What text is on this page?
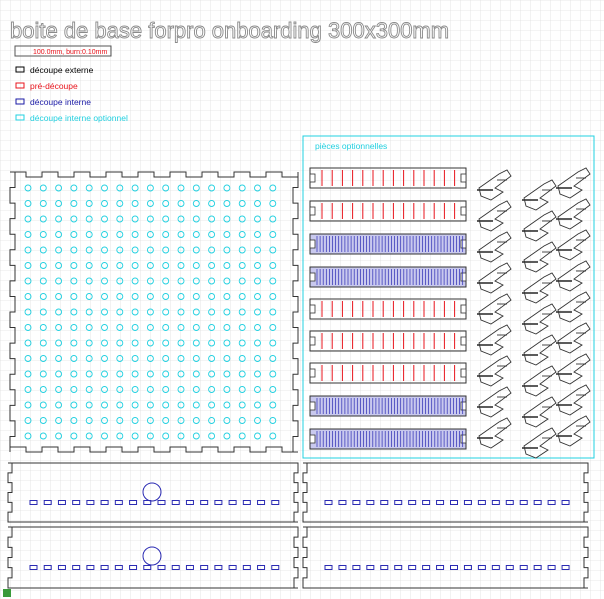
boite de base forpro onboarding 300x300mm
100.0mm, burn:0.10mm
découpe externe
pré-découpe
découpe interne
découpe interne optionnel
pièces optionnelles
